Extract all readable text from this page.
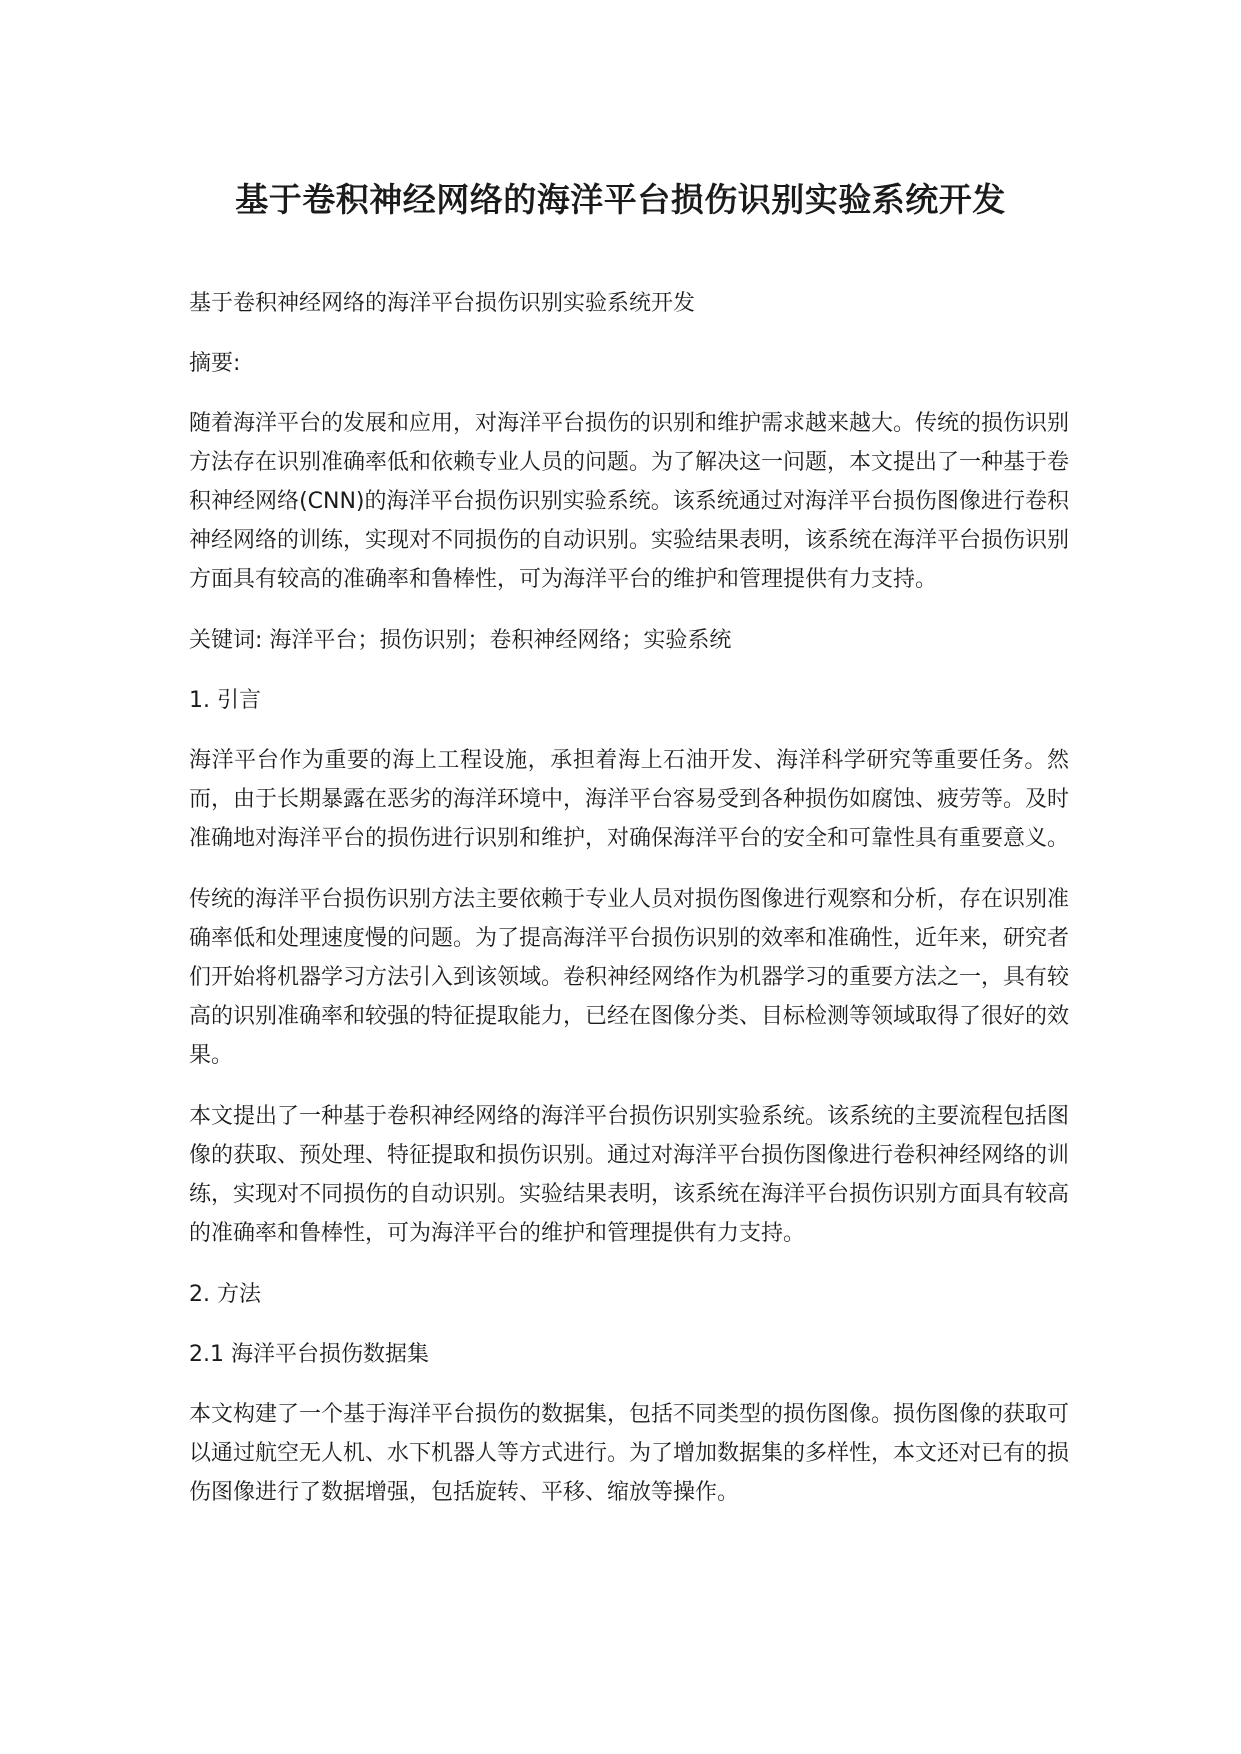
基于卷积神经网络的海洋平台损伤识别实验系统开发

基于卷积神经网络的海洋平台损伤识别实验系统开发

摘要:

随着海洋平台的发展和应用，对海洋平台损伤的识别和维护需求越来越大。传统的损伤识别方法存在识别准确率低和依赖专业人员的问题。为了解决这一问题，本文提出了一种基于卷积神经网络(CNN)的海洋平台损伤识别实验系统。该系统通过对海洋平台损伤图像进行卷积神经网络的训练，实现对不同损伤的自动识别。实验结果表明，该系统在海洋平台损伤识别方面具有较高的准确率和鲁棒性，可为海洋平台的维护和管理提供有力支持。

关键词: 海洋平台；损伤识别；卷积神经网络；实验系统

1. 引言

海洋平台作为重要的海上工程设施，承担着海上石油开发、海洋科学研究等重要任务。然而，由于长期暴露在恶劣的海洋环境中，海洋平台容易受到各种损伤如腐蚀、疲劳等。及时准确地对海洋平台的损伤进行识别和维护，对确保海洋平台的安全和可靠性具有重要意义。

传统的海洋平台损伤识别方法主要依赖于专业人员对损伤图像进行观察和分析，存在识别准确率低和处理速度慢的问题。为了提高海洋平台损伤识别的效率和准确性，近年来，研究者们开始将机器学习方法引入到该领域。卷积神经网络作为机器学习的重要方法之一，具有较高的识别准确率和较强的特征提取能力，已经在图像分类、目标检测等领域取得了很好的效果。

本文提出了一种基于卷积神经网络的海洋平台损伤识别实验系统。该系统的主要流程包括图像的获取、预处理、特征提取和损伤识别。通过对海洋平台损伤图像进行卷积神经网络的训练，实现对不同损伤的自动识别。实验结果表明，该系统在海洋平台损伤识别方面具有较高的准确率和鲁棒性，可为海洋平台的维护和管理提供有力支持。

2. 方法

2.1 海洋平台损伤数据集

本文构建了一个基于海洋平台损伤的数据集，包括不同类型的损伤图像。损伤图像的获取可以通过航空无人机、水下机器人等方式进行。为了增加数据集的多样性，本文还对已有的损伤图像进行了数据增强，包括旋转、平移、缩放等操作。
